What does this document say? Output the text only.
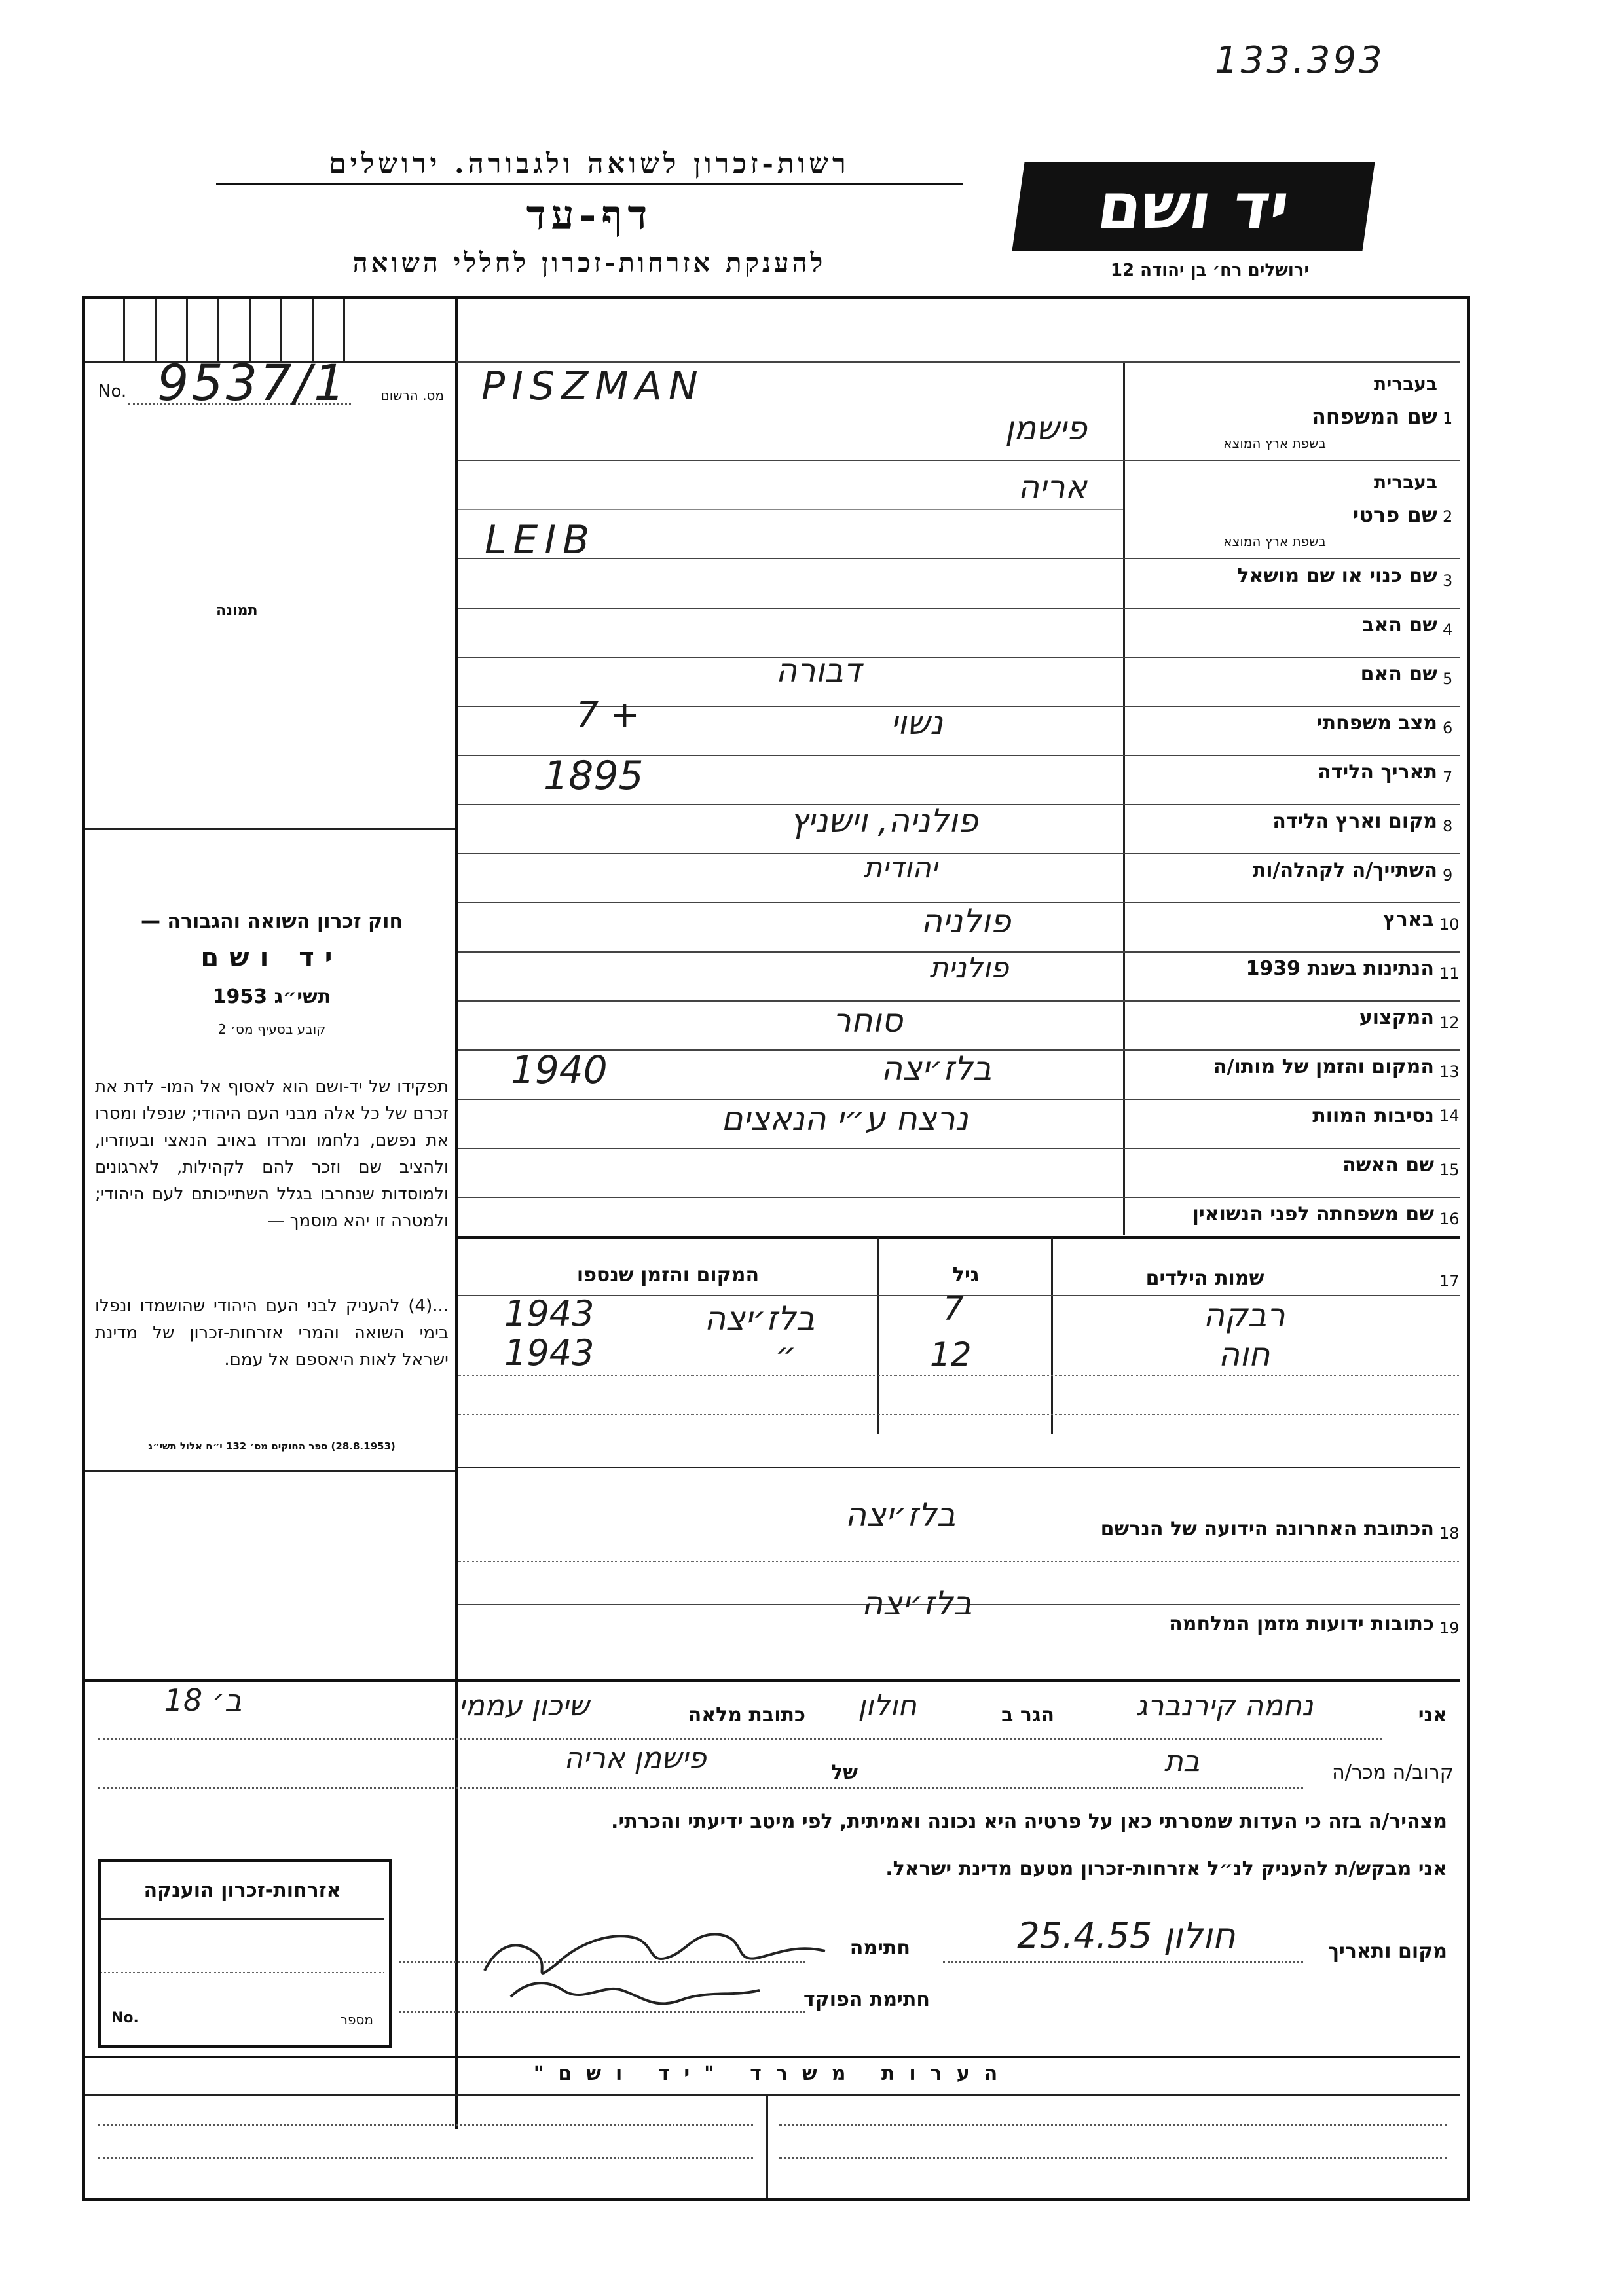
133.393
רשות-זכרון לשואה ולגבורה. ירושלים
דף-עד
להענקת אזרחות-זכרון לחללי השואה
יד ושם
ירושלים רח׳ בן יהודה 12
No. 9537/1	מס. הרשום
תמונה
חוק זכרון השואה והגבורה —
יד ושם
תשי״ג 1953
קובע בסעיף מס׳ 2
תפקידו של יד-ושם הוא לאסוף אל המו- לדת את זכרם של כל אלה מבני העם היהודי; שנפלו ומסרו את נפשם, נלחמו ומרדו באויב הנאצי ובעוזריו, ולהציב שם וזכר להם לקהילות, לארגונים ולמוסדות שנחרבו בגלל השתייכותם לעם היהודי; ולמטרה זו יהא מוסמך —
...(4) להעניק לבני העם היהודי שהושמדו ונפלו בימי השואה והמרי אזרחות-זכרון של מדינת ישראל לאות היאספם אל עמם.
(28.8.1953) ספר החוקים מס׳ 132 י״ח אלול תשי״ג
1
בעברית
שם המשפחה
בשפת ארץ המוצא
PISZMAN
פישמן
2
בעברית
שם פרטי
בשפת ארץ המוצא
אריה
LEIB
3
שם כנוי או שם מושאל
4
שם האב
5
שם האם
6
מצב משפחתי
7
תאריך הלידה
8
מקום וארץ הלידה
9
השתייך/ה לקהלה/ות
10
בארץ
11
הנתינות בשנת 1939
12
המקצוע
13
המקום והזמן של מותו/ה
14
נסיבות המוות
15
שם האשה
16
שם משפחתה לפני הנשואין
דבורה
נשוי
7 +
1895
פולניה, וישניץ
יהודית
פולניה
פולנית
סוחר
בלז׳יצה
1940
נרצח ע״י הנאצים
17
שמות הילדים
גיל
המקום והזמן שנספו
רבקה
7
בלז׳יצה
1943
חוה
12
״
1943
18
הכתובת האחרונה הידועה של הנרשם
בלז׳יצה
19
כתובות ידועות מזמן המלחמה
בלז׳יצה
אני
נחמה קירנברג
הגר ב
חולון
כתובת מלאה
שיכון עממי
ב׳ 18
קרוב/ה מכר/ה
בת
של
פישמן אריה
מצהיר/ה בזה כי העדות שמסרתי כאן על פרטיה היא נכונה ואמיתית, לפי מיטב ידיעתי והכרתי.
אני מבקש/ת להעניק לנ״ל אזרחות-זכרון מטעם מדינת ישראל.
מקום ותאריך
חולון 25.4.55
חתימה
חתימת הפוקד
אזרחות-זכרון הוענקה
No.	מספר
הערות משרד "יד ושם"
